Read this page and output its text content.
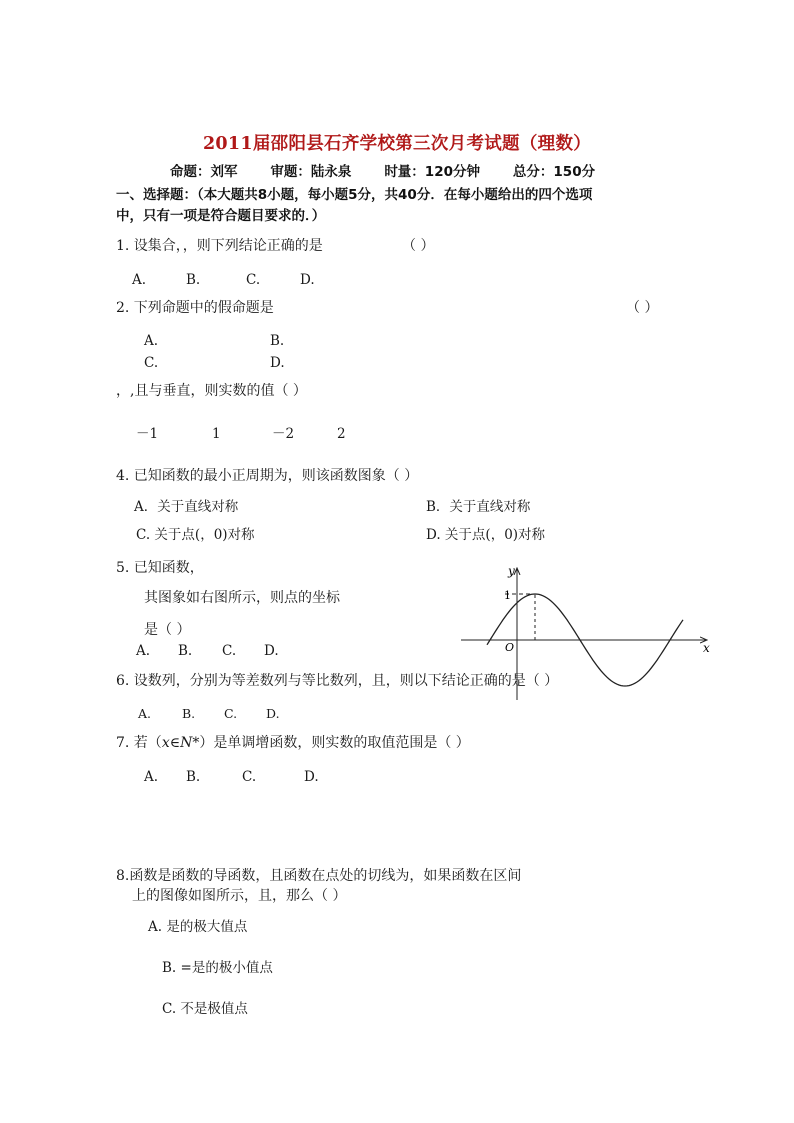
2011届邵阳县石齐学校第三次月考试题（理数）
命题：刘军 审题：陆永泉 时量：120分钟 总分：150分
一、选择题：（本大题共8小题，每小题5分，共40分．在每小题给出的四个选项
中，只有一项是符合题目要求的．）
1. 设集合，，则下列结论正确的是	（ ）
A.	B.	C.	D.
2. 下列命题中的假命题是	（ ）
A.	B.
C.	D.
，,且与垂直，则实数的值（ ）
－1	1	－2	2
4. 已知函数的最小正周期为，则该函数图象（ ）
A．关于直线对称	B．关于直线对称
C. 关于点(，0)对称	D. 关于点(，0)对称
5. 已知函数，
其图象如右图所示，则点的坐标
是（ ）
A. B. C. D.
y
x
O
1
6. 设数列，分别为等差数列与等比数列，且，则以下结论正确的是（ ）
A. B. C. D.
7. 若（x∈N*）是单调增函数，则实数的取值范围是（ ）
A. B.	C.	D.
8.函数是函数的导函数，且函数在点处的切线为，如果函数在区间
上的图像如图所示，且，那么（ ）
A. 是的极大值点
B. =是的极小值点
C. 不是极值点
